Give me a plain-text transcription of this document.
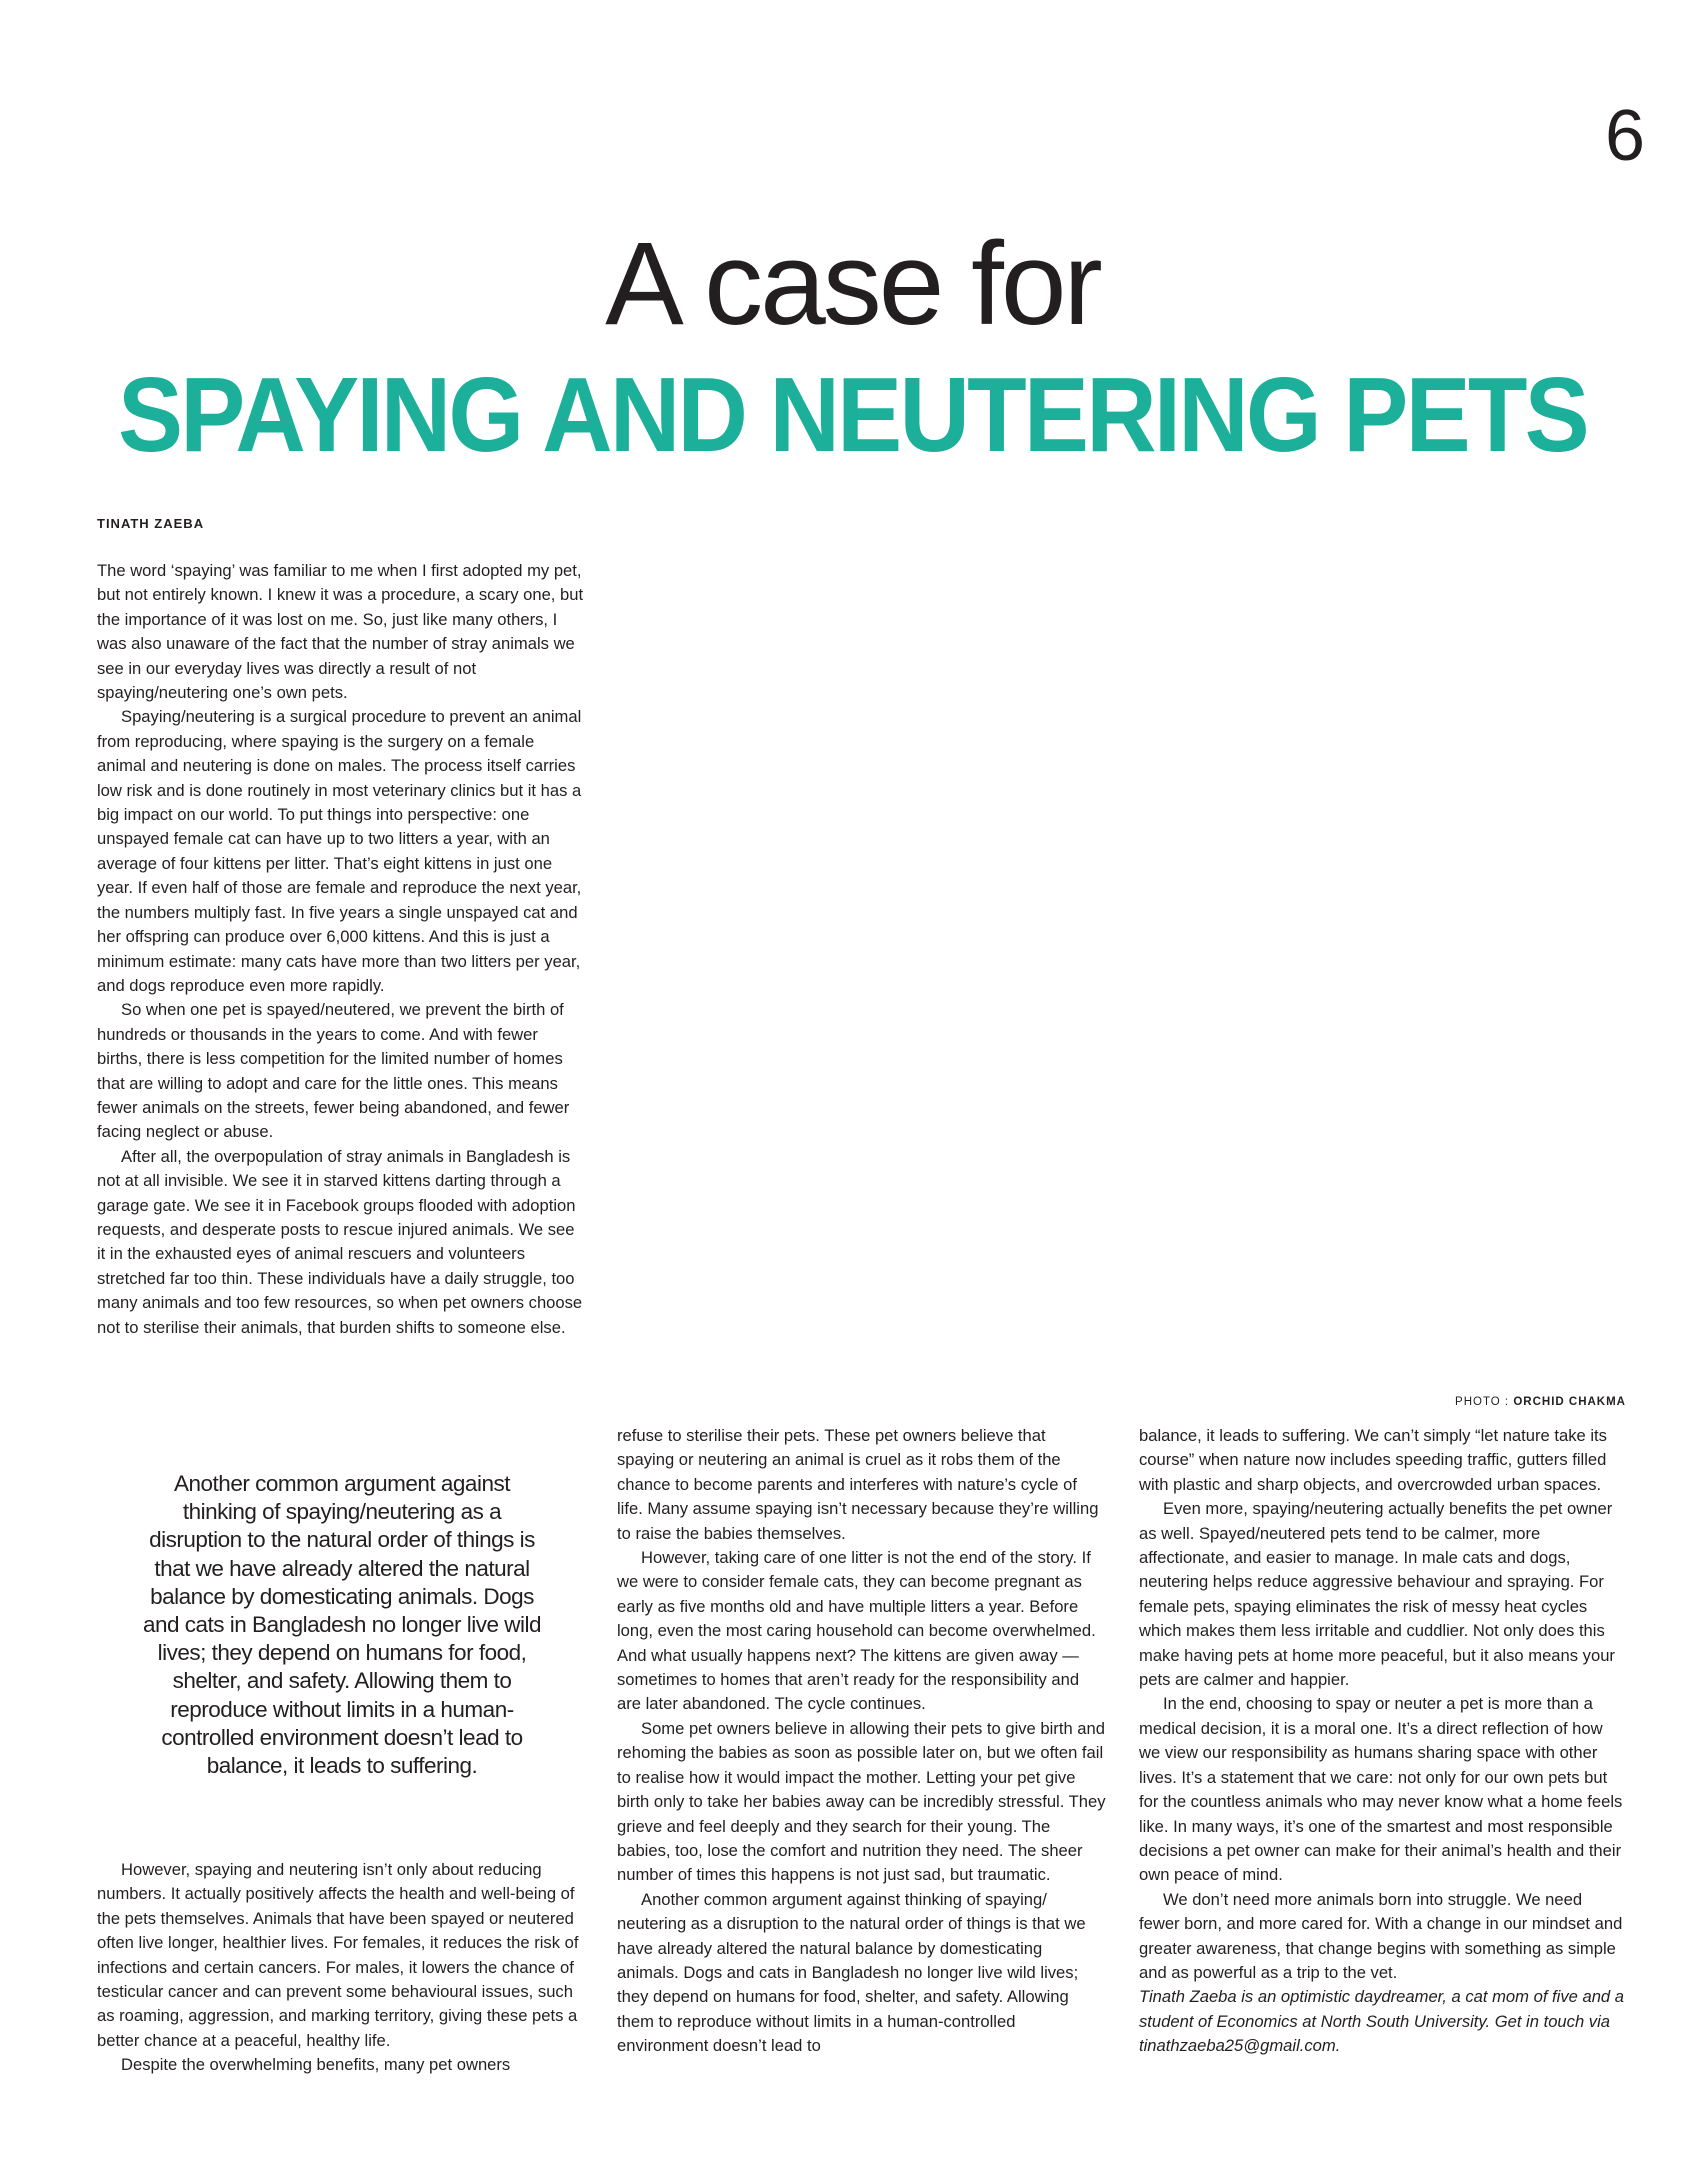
6
A case for
SPAYING AND NEUTERING PETS
TINATH ZAEBA
PHOTO : ORCHID CHAKMA

The word ‘spaying’ was familiar to me when I first adopted my pet, but not entirely known. I knew it was a procedure, a scary one, but the importance of it was lost on me. So, just like many others, I was also unaware of the fact that the number of stray animals we see in our everyday lives was directly a result of not spaying/neutering one’s own pets.

Spaying/neutering is a surgical procedure to prevent an animal from reproducing, where spaying is the surgery on a female animal and neutering is done on males. The process itself carries low risk and is done routinely in most veterinary clinics but it has a big impact on our world. To put things into perspective: one unspayed female cat can have up to two litters a year, with an average of four kittens per litter. That’s eight kittens in just one year. If even half of those are female and reproduce the next year, the numbers multiply fast. In five years a single unspayed cat and her offspring can produce over 6,000 kittens. And this is just a minimum estimate: many cats have more than two litters per year, and dogs reproduce even more rapidly.

So when one pet is spayed/neutered, we prevent the birth of hundreds or thousands in the years to come. And with fewer births, there is less competition for the limited number of homes that are willing to adopt and care for the little ones. This means fewer animals on the streets, fewer being abandoned, and fewer facing neglect or abuse.

After all, the overpopulation of stray animals in Bangladesh is not at all invisible. We see it in starved kittens darting through a garage gate. We see it in Facebook groups flooded with adoption requests, and desperate posts to rescue injured animals. We see it in the exhausted eyes of animal rescuers and volunteers stretched far too thin. These individuals have a daily struggle, too many animals and too few resources, so when pet owners choose not to sterilise their animals, that burden shifts to someone else.

Another common argument against thinking of spaying/neutering as a disruption to the natural order of things is that we have already altered the natural balance by domesticating animals. Dogs and cats in Bangladesh no longer live wild lives; they depend on humans for food, shelter, and safety. Allowing them to reproduce without limits in a human-controlled environment doesn’t lead to balance, it leads to suffering.

However, spaying and neutering isn’t only about reducing numbers. It actually positively affects the health and well-being of the pets themselves. Animals that have been spayed or neutered often live longer, healthier lives. For females, it reduces the risk of infections and certain cancers. For males, it lowers the chance of testicular cancer and can prevent some behavioural issues, such as roaming, aggression, and marking territory, giving these pets a better chance at a peaceful, healthy life.

Despite the overwhelming benefits, many pet owners

refuse to sterilise their pets. These pet owners believe that spaying or neutering an animal is cruel as it robs them of the chance to become parents and interferes with nature’s cycle of life. Many assume spaying isn’t necessary because they’re willing to raise the babies themselves.

However, taking care of one litter is not the end of the story. If we were to consider female cats, they can become pregnant as early as five months old and have multiple litters a year. Before long, even the most caring household can become overwhelmed. And what usually happens next? The kittens are given away — sometimes to homes that aren’t ready for the responsibility and are later abandoned. The cycle continues.

Some pet owners believe in allowing their pets to give birth and rehoming the babies as soon as possible later on, but we often fail to realise how it would impact the mother. Letting your pet give birth only to take her babies away can be incredibly stressful. They grieve and feel deeply and they search for their young. The babies, too, lose the comfort and nutrition they need. The sheer number of times this happens is not just sad, but traumatic.

Another common argument against thinking of spaying/ neutering as a disruption to the natural order of things is that we have already altered the natural balance by domesticating animals. Dogs and cats in Bangladesh no longer live wild lives; they depend on humans for food, shelter, and safety. Allowing them to reproduce without limits in a human-controlled environment doesn’t lead to

balance, it leads to suffering. We can’t simply “let nature take its course” when nature now includes speeding traffic, gutters filled with plastic and sharp objects, and overcrowded urban spaces.

Even more, spaying/neutering actually benefits the pet owner as well. Spayed/neutered pets tend to be calmer, more affectionate, and easier to manage. In male cats and dogs, neutering helps reduce aggressive behaviour and spraying. For female pets, spaying eliminates the risk of messy heat cycles which makes them less irritable and cuddlier. Not only does this make having pets at home more peaceful, but it also means your pets are calmer and happier.

In the end, choosing to spay or neuter a pet is more than a medical decision, it is a moral one. It’s a direct reflection of how we view our responsibility as humans sharing space with other lives. It’s a statement that we care: not only for our own pets but for the countless animals who may never know what a home feels like. In many ways, it’s one of the smartest and most responsible decisions a pet owner can make for their animal’s health and their own peace of mind.

We don’t need more animals born into struggle. We need fewer born, and more cared for. With a change in our mindset and greater awareness, that change begins with something as simple and as powerful as a trip to the vet.

Tinath Zaeba is an optimistic daydreamer, a cat mom of five and a student of Economics at North South University. Get in touch via tinathzaeba25@gmail.com.
